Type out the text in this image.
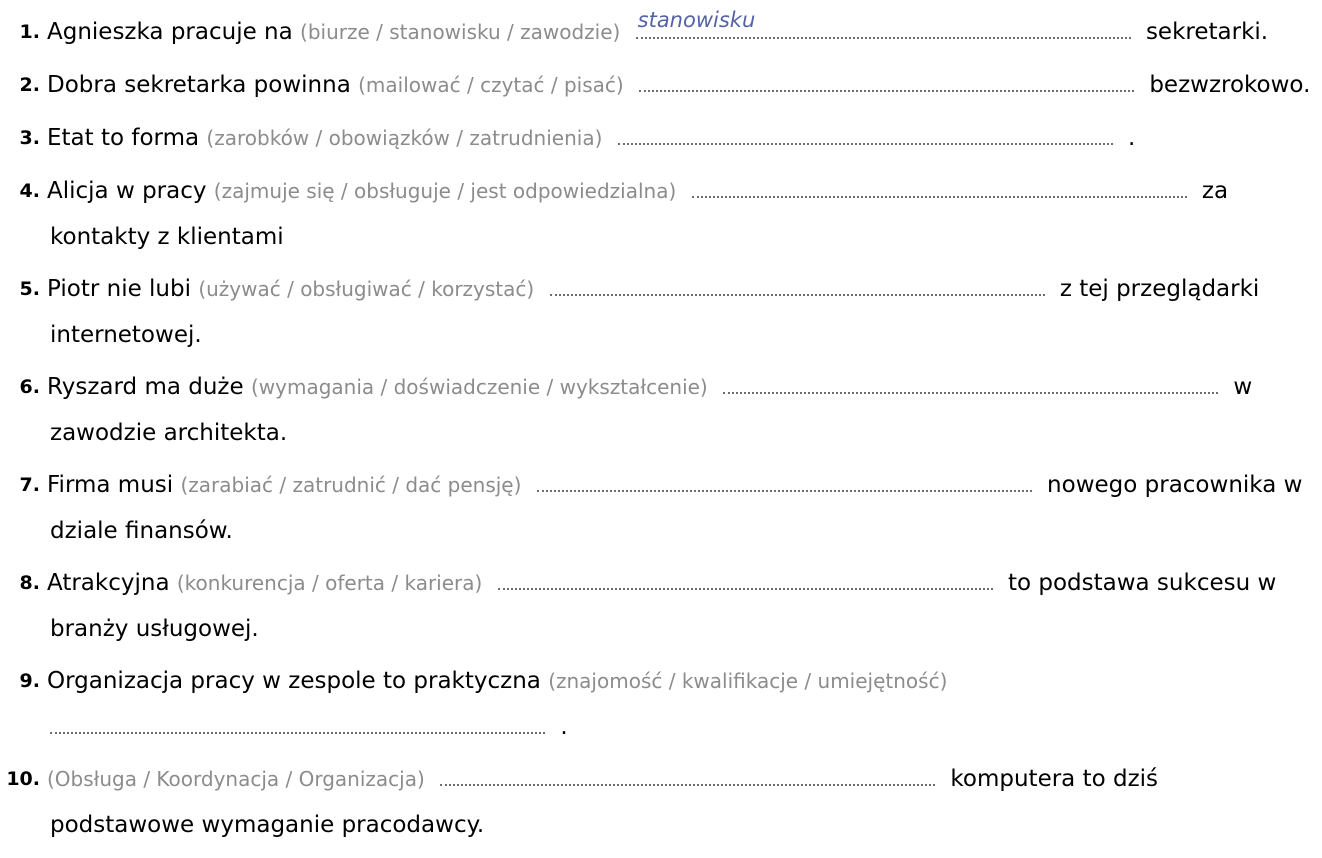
1. Agnieszka pracuje na (biurze / stanowisku / zawodzie) stanowisku	sekretarki.
2. Dobra sekretarka powinna (mailować / czytać / pisać)	bezwzrokowo.
3. Etat to forma (zarobków / obowiązków / zatrudnienia)	.
4. Alicja w pracy (zajmuje się / obsługuje / jest odpowiedzialna)	za
kontakty z klientami
5. Piotr nie lubi (używać / obsługiwać / korzystać)	z tej przeglądarki
internetowej.
6. Ryszard ma duże (wymagania / doświadczenie / wykształcenie)	w
zawodzie architekta.
7. Firma musi (zarabiać / zatrudnić / dać pensję)	nowego pracownika w
dziale finansów.
8. Atrakcyjna (konkurencja / oferta / kariera)	to podstawa sukcesu w
branży usługowej.
9. Organizacja pracy w zespole to praktyczna (znajomość / kwalifikacje / umiejętność)
.
10. (Obsługa / Koordynacja / Organizacja)	komputera to dziś
podstawowe wymaganie pracodawcy.
